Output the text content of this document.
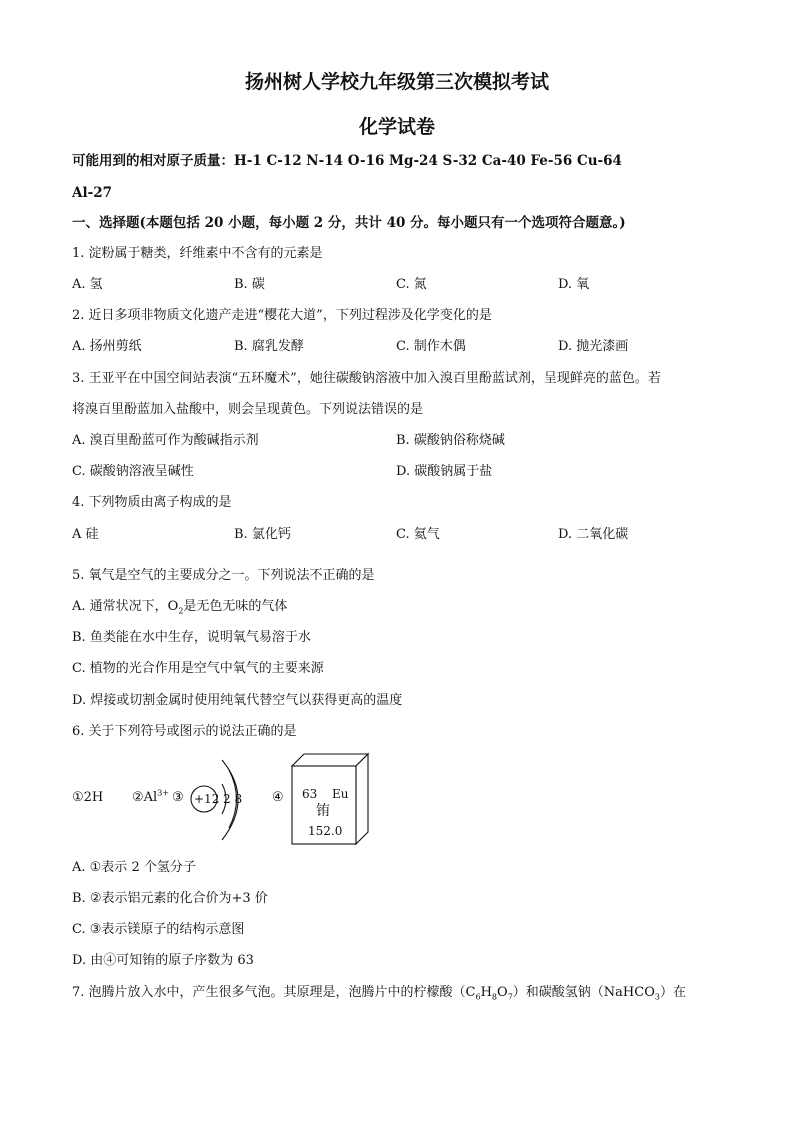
扬州树人学校九年级第三次模拟考试
化学试卷
可能用到的相对原子质量：H-1 C-12 N-14 O-16 Mg-24 S-32 Ca-40 Fe-56 Cu-64
Al-27
一、选择题(本题包括 20 小题，每小题 2 分，共计 40 分。每小题只有一个选项符合题意。)
1. 淀粉属于糖类，纤维素中不含有的元素是
A. 氢	B. 碳	C. 氮	D. 氧
2. 近日多项非物质文化遗产走进“樱花大道”，下列过程涉及化学变化的是
A. 扬州剪纸	B. 腐乳发酵	C. 制作木偶	D. 抛光漆画
3. 王亚平在中国空间站表演“五环魔术”，她往碳酸钠溶液中加入溴百里酚蓝试剂，呈现鲜亮的蓝色。若
将溴百里酚蓝加入盐酸中，则会呈现黄色。下列说法错误的是
A. 溴百里酚蓝可作为酸碱指示剂	B. 碳酸钠俗称烧碱
C. 碳酸钠溶液呈碱性	D. 碳酸钠属于盐
4. 下列物质由离子构成的是
A 硅	B. 氯化钙	C. 氦气	D. 二氧化碳
5. 氧气是空气的主要成分之一。下列说法不正确的是
A. 通常状况下，$O_2$是无色无味的气体
B. 鱼类能在水中生存，说明氧气易溶于水
C. 植物的光合作用是空气中氧气的主要来源
D. 焊接或切割金属时使用纯氧代替空气以获得更高的温度
6. 关于下列符号或图示的说法正确的是
①2H $②Al^{3+}$ ③ +12 2 8 ④ 63 Eu
铕
152.0
A. ①表示 2 个氢分子
B. ②表示铝元素的化合价为+3 价
C. ③表示镁原子的结构示意图
D. 由④可知铕的原子序数为 63
7. 泡腾片放入水中，产生很多气泡。其原理是，泡腾片中的柠檬酸$(C_6H_8O_7)$和碳酸氢钠（NaHCO$_3$）在
